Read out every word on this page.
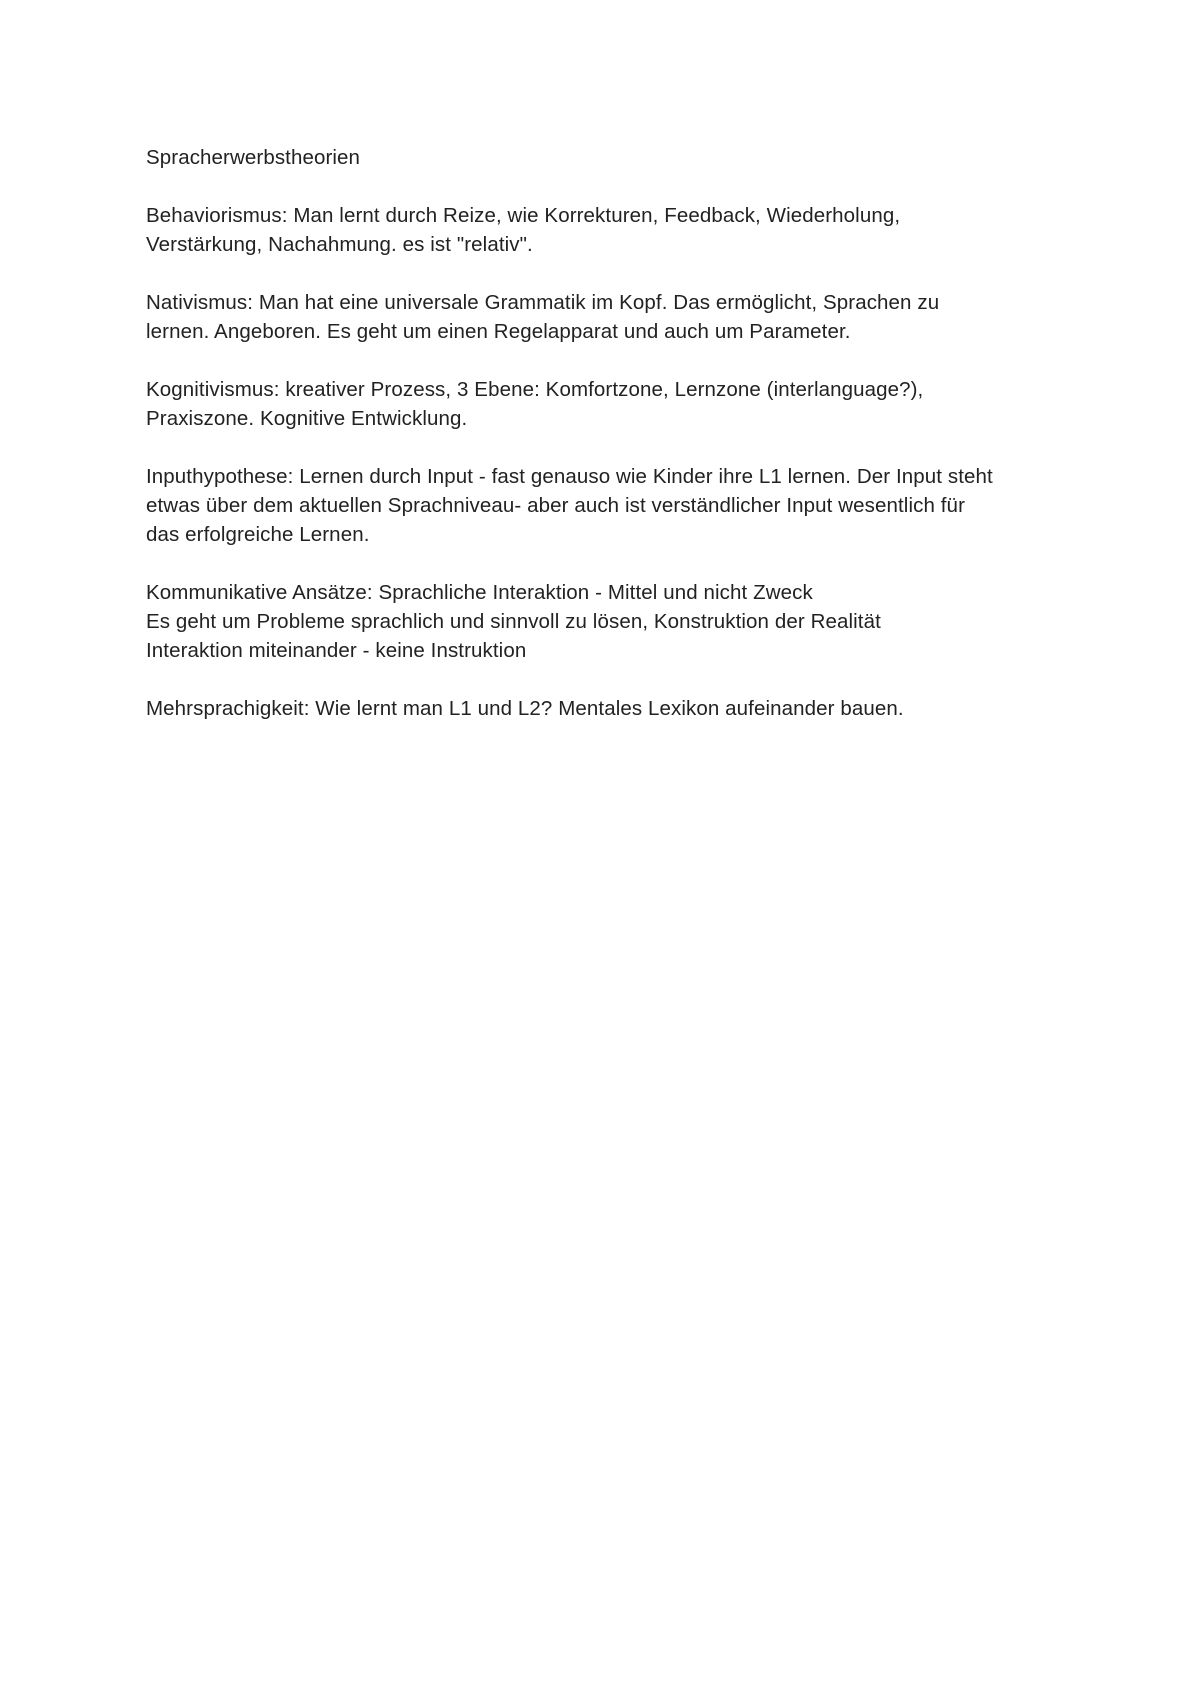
Spracherwerbstheorien
Behaviorismus: Man lernt durch Reize, wie Korrekturen, Feedback, Wiederholung,
Verstärkung, Nachahmung. es ist "relativ".
Nativismus: Man hat eine universale Grammatik im Kopf. Das ermöglicht, Sprachen zu
lernen. Angeboren. Es geht um einen Regelapparat und auch um Parameter.
Kognitivismus: kreativer Prozess, 3 Ebene: Komfortzone, Lernzone (interlanguage?),
Praxiszone. Kognitive Entwicklung.
Inputhypothese: Lernen durch Input - fast genauso wie Kinder ihre L1 lernen. Der Input steht
etwas über dem aktuellen Sprachniveau- aber auch ist verständlicher Input wesentlich für
das erfolgreiche Lernen.
Kommunikative Ansätze: Sprachliche Interaktion - Mittel und nicht Zweck
Es geht um Probleme sprachlich und sinnvoll zu lösen, Konstruktion der Realität
Interaktion miteinander - keine Instruktion
Mehrsprachigkeit: Wie lernt man L1 und L2? Mentales Lexikon aufeinander bauen.
